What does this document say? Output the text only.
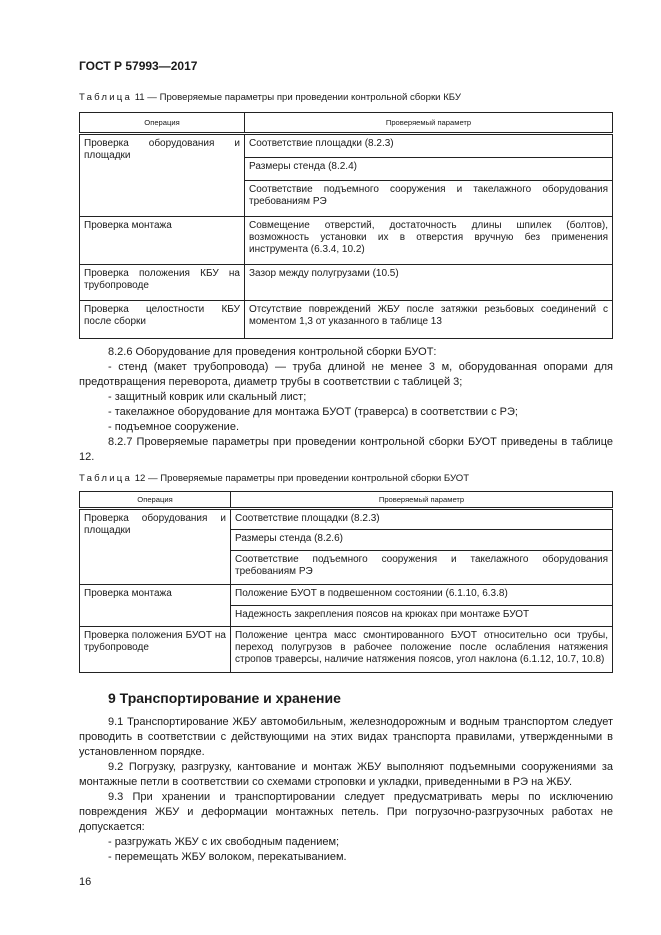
ГОСТ Р 57993—2017
Таблица 11 — Проверяемые параметры при проведении контрольной сборки КБУ
Операция	Проверяемый параметр
Проверка оборудования и площадки	Соответствие площадки (8.2.3)
	Размеры стенда (8.2.4)
	Соответствие подъемного сооружения и такелажного оборудования требованиям РЭ
Проверка монтажа	Совмещение отверстий, достаточность длины шпилек (болтов), возможность установки их в отверстия вручную без применения инструмента (6.3.4, 10.2)
Проверка положения КБУ на трубопроводе	Зазор между полугрузами (10.5)
Проверка целостности КБУ после сборки	Отсутствие повреждений ЖБУ после затяжки резьбовых соединений с моментом 1,3 от указанного в таблице 13
8.2.6 Оборудование для проведения контрольной сборки БУОТ:
- стенд (макет трубопровода) — труба длиной не менее 3 м, оборудованная опорами для предотвращения переворота, диаметр трубы в соответствии с таблицей 3;
- защитный коврик или скальный лист;
- такелажное оборудование для монтажа БУОТ (траверса) в соответствии с РЭ;
- подъемное сооружение.
8.2.7 Проверяемые параметры при проведении контрольной сборки БУОТ приведены в таблице 12.
Таблица 12 — Проверяемые параметры при проведении контрольной сборки БУОТ
Операция	Проверяемый параметр
Проверка оборудования и площадки	Соответствие площадки (8.2.3)
	Размеры стенда (8.2.6)
	Соответствие подъемного сооружения и такелажного оборудования требованиям РЭ
Проверка монтажа	Положение БУОТ в подвешенном состоянии (6.1.10, 6.3.8)
	Надежность закрепления поясов на крюках при монтаже БУОТ
Проверка положения БУОТ на трубопроводе	Положение центра масс смонтированного БУОТ относительно оси трубы, переход полугрузов в рабочее положение после ослабления натяжения стропов траверсы, наличие натяжения поясов, угол наклона (6.1.12, 10.7, 10.8)
9 Транспортирование и хранение
9.1 Транспортирование ЖБУ автомобильным, железнодорожным и водным транспортом следует проводить в соответствии с действующими на этих видах транспорта правилами, утвержденными в установленном порядке.
9.2 Погрузку, разгрузку, кантование и монтаж ЖБУ выполняют подъемными сооружениями за монтажные петли в соответствии со схемами строповки и укладки, приведенными в РЭ на ЖБУ.
9.3 При хранении и транспортировании следует предусматривать меры по исключению повреждения ЖБУ и деформации монтажных петель. При погрузочно-разгрузочных работах не допускается:
- разгружать ЖБУ с их свободным падением;
- перемещать ЖБУ волоком, перекатыванием.
16
